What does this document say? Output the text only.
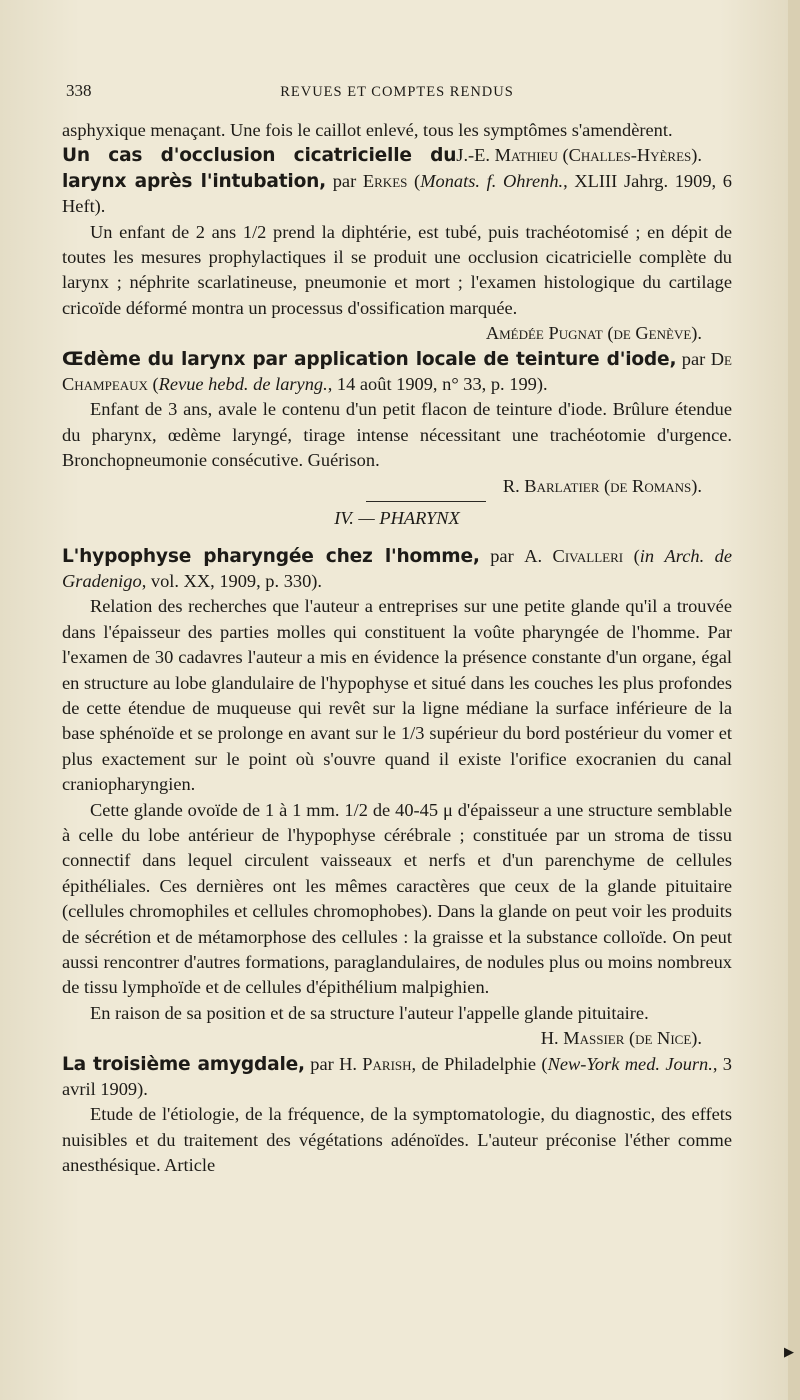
338	REVUES ET COMPTES RENDUS

asphyxique menaçant. Une fois le caillot enlevé, tous les symptômes s'amendèrent.
J.-E. Mathieu (Challes-Hyères).

Un cas d'occlusion cicatricielle du larynx après l'intubation, par Erkes (Monats. f. Ohrenh., XLIII Jahrg. 1909, 6 Heft).

Un enfant de 2 ans 1/2 prend la diphtérie, est tubé, puis trachéotomisé ; en dépit de toutes les mesures prophylactiques il se produit une occlusion cicatricielle complète du larynx ; néphrite scarlatineuse, pneumonie et mort ; l'examen histologique du cartilage cricoïde déformé montra un processus d'ossification marquée.

Amédée Pugnat (de Genève).

Œdème du larynx par application locale de teinture d'iode, par De Champeaux (Revue hebd. de laryng., 14 août 1909, n° 33, p. 199).

Enfant de 3 ans, avale le contenu d'un petit flacon de teinture d'iode. Brûlure étendue du pharynx, œdème laryngé, tirage intense nécessitant une trachéotomie d'urgence. Bronchopneumonie consécutive. Guérison.

R. Barlatier (de Romans).

IV. — PHARYNX

L'hypophyse pharyngée chez l'homme, par A. Civalleri (in Arch. de Gradenigo, vol. XX, 1909, p. 330).

Relation des recherches que l'auteur a entreprises sur une petite glande qu'il a trouvée dans l'épaisseur des parties molles qui constituent la voûte pharyngée de l'homme. Par l'examen de 30 cadavres l'auteur a mis en évidence la présence constante d'un organe, égal en structure au lobe glandulaire de l'hypophyse et situé dans les couches les plus profondes de cette étendue de muqueuse qui revêt sur la ligne médiane la surface inférieure de la base sphénoïde et se prolonge en avant sur le 1/3 supérieur du bord postérieur du vomer et plus exactement sur le point où s'ouvre quand il existe l'orifice exocranien du canal craniopharyngien.

Cette glande ovoïde de 1 à 1 mm. 1/2 de 40-45 μ d'épaisseur a une structure semblable à celle du lobe antérieur de l'hypophyse cérébrale ; constituée par un stroma de tissu connectif dans lequel circulent vaisseaux et nerfs et d'un parenchyme de cellules épithéliales. Ces dernières ont les mêmes caractères que ceux de la glande pituitaire (cellules chromophiles et cellules chromophobes). Dans la glande on peut voir les produits de sécrétion et de métamorphose des cellules : la graisse et la substance colloïde. On peut aussi rencontrer d'autres formations, paraglandulaires, de nodules plus ou moins nombreux de tissu lymphoïde et de cellules d'épithélium malpighien.

En raison de sa position et de sa structure l'auteur l'appelle glande pituitaire.

H. Massier (de Nice).

La troisième amygdale, par H. Parish, de Philadelphie (New-York med. Journ., 3 avril 1909).

Etude de l'étiologie, de la fréquence, de la symptomatologie, du diagnostic, des effets nuisibles et du traitement des végétations adénoïdes. L'auteur préconise l'éther comme anesthésique. Article

▶
